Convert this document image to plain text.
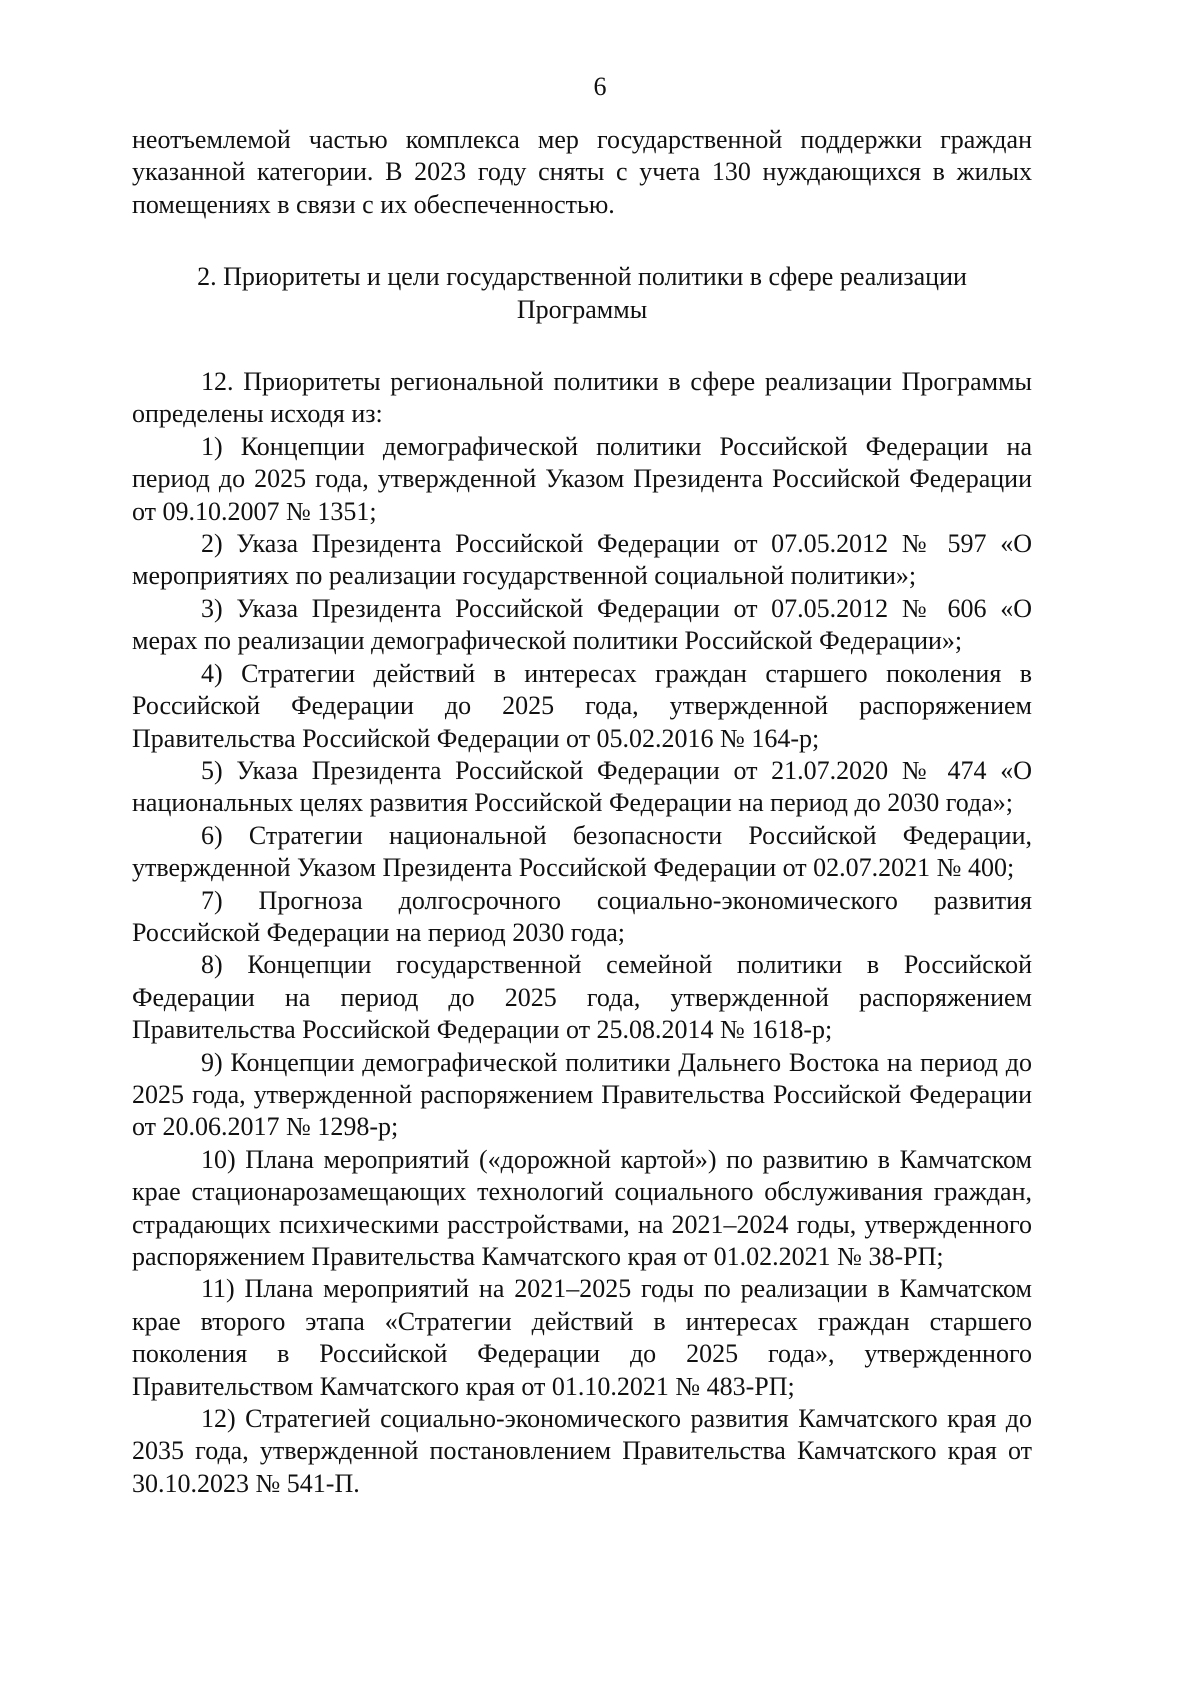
6

неотъемлемой частью комплекса мер государственной поддержки граждан указанной категории. В 2023 году сняты с учета 130 нуждающихся в жилых помещениях в связи с их обеспеченностью.

2. Приоритеты и цели государственной политики в сфере реализации

Программы

12. Приоритеты региональной политики в сфере реализации Программы определены исходя из:

1) Концепции демографической политики Российской Федерации на период до 2025 года, утвержденной Указом Президента Российской Федерации от 09.10.2007 № 1351;

2) Указа Президента Российской Федерации от 07.05.2012 № 597 «О мероприятиях по реализации государственной социальной политики»;

3) Указа Президента Российской Федерации от 07.05.2012 № 606 «О мерах по реализации демографической политики Российской Федерации»;

4) Стратегии действий в интересах граждан старшего поколения в Российской Федерации до 2025 года, утвержденной распоряжением Правительства Российской Федерации от 05.02.2016 № 164-р;

5) Указа Президента Российской Федерации от 21.07.2020 № 474 «О национальных целях развития Российской Федерации на период до 2030 года»;

6) Стратегии национальной безопасности Российской Федерации, утвержденной Указом Президента Российской Федерации от 02.07.2021 № 400;

7) Прогноза долгосрочного социально-экономического развития Российской Федерации на период 2030 года;

8) Концепции государственной семейной политики в Российской Федерации на период до 2025 года, утвержденной распоряжением Правительства Российской Федерации от 25.08.2014 № 1618-р;

9) Концепции демографической политики Дальнего Востока на период до 2025 года, утвержденной распоряжением Правительства Российской Федерации от 20.06.2017 № 1298-р;

10) Плана мероприятий («дорожной картой») по развитию в Камчатском крае стационарозамещающих технологий социального обслуживания граждан, страдающих психическими расстройствами, на 2021–2024 годы, утвержденного распоряжением Правительства Камчатского края от 01.02.2021 № 38-РП;

11) Плана мероприятий на 2021–2025 годы по реализации в Камчатском крае второго этапа «Стратегии действий в интересах граждан старшего поколения в Российской Федерации до 2025 года», утвержденного Правительством Камчатского края от 01.10.2021 № 483-РП;

12) Стратегией социально-экономического развития Камчатского края до 2035 года, утвержденной постановлением Правительства Камчатского края от 30.10.2023 № 541-П.
